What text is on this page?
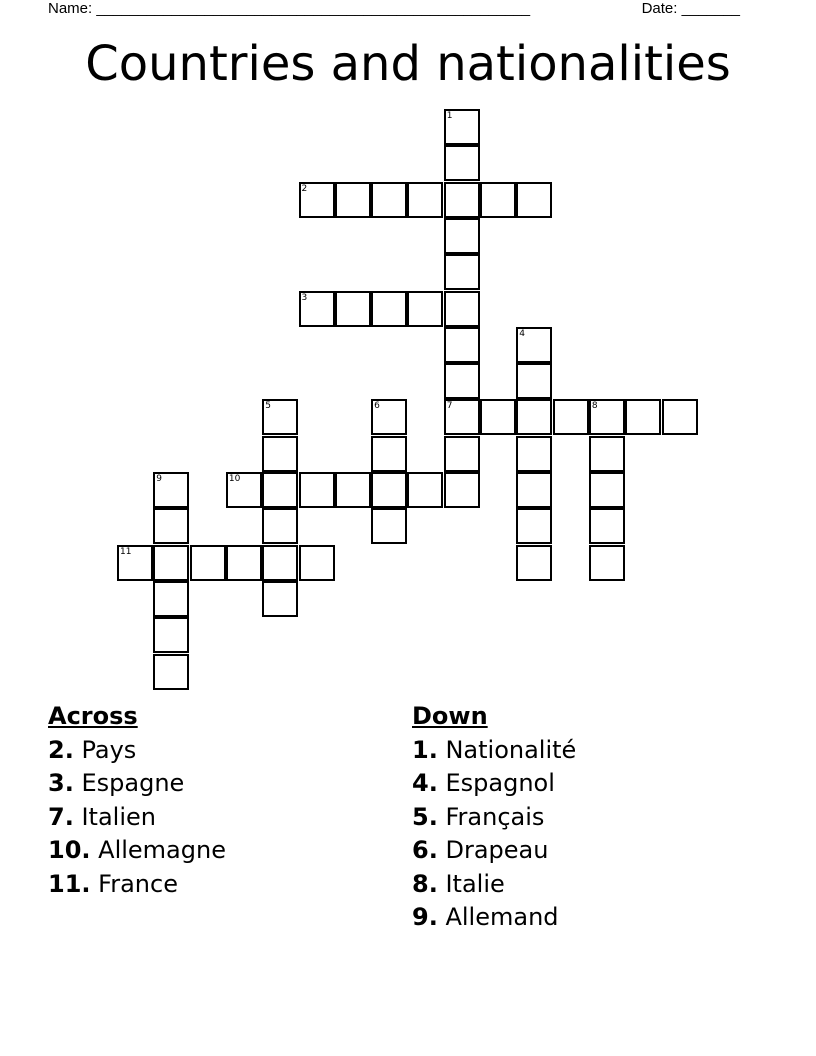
Name: ____________________________________________________	Date: _______
Countries and nationalities
1
7
2
3
4
5	6	8
9	10
11
Across
2. Pays
3. Espagne
7. Italien
10. Allemagne
11. France
Down
1. Nationalité
4. Espagnol
5. Français
6. Drapeau
8. Italie
9. Allemand
